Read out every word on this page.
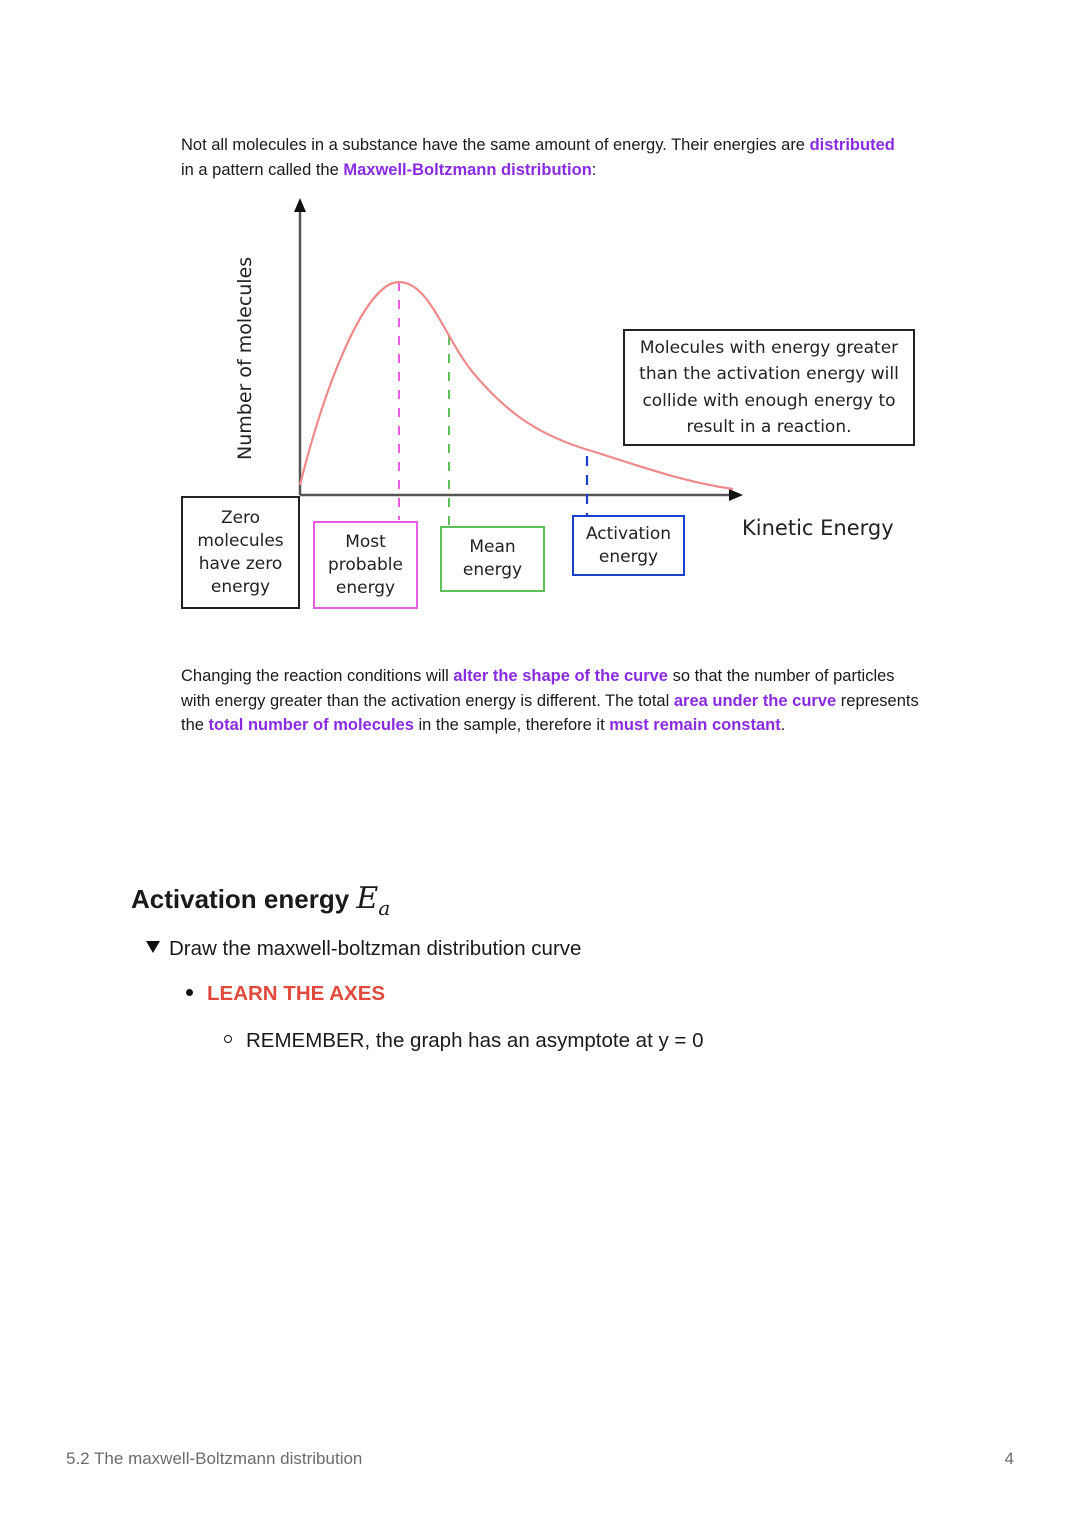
Not all molecules in a substance have the same amount of energy. Their energies are distributed in a pattern called the Maxwell-Boltzmann distribution:
Number of molecules
Kinetic Energy
Zero
molecules
have zero
energy
Most
probable
energy
Mean
energy
Activation
energy
Molecules with energy greater
than the activation energy will
collide with enough energy to
result in a reaction.
Changing the reaction conditions will alter the shape of the curve so that the number of particles with energy greater than the activation energy is different. The total area under the curve represents the total number of molecules in the sample, therefore it must remain constant.
Activation energy $E_a$
Draw the maxwell-boltzman distribution curve
LEARN THE AXES
REMEMBER, the graph has an asymptote at y = 0
5.2 The maxwell-Boltzmann distribution	4
